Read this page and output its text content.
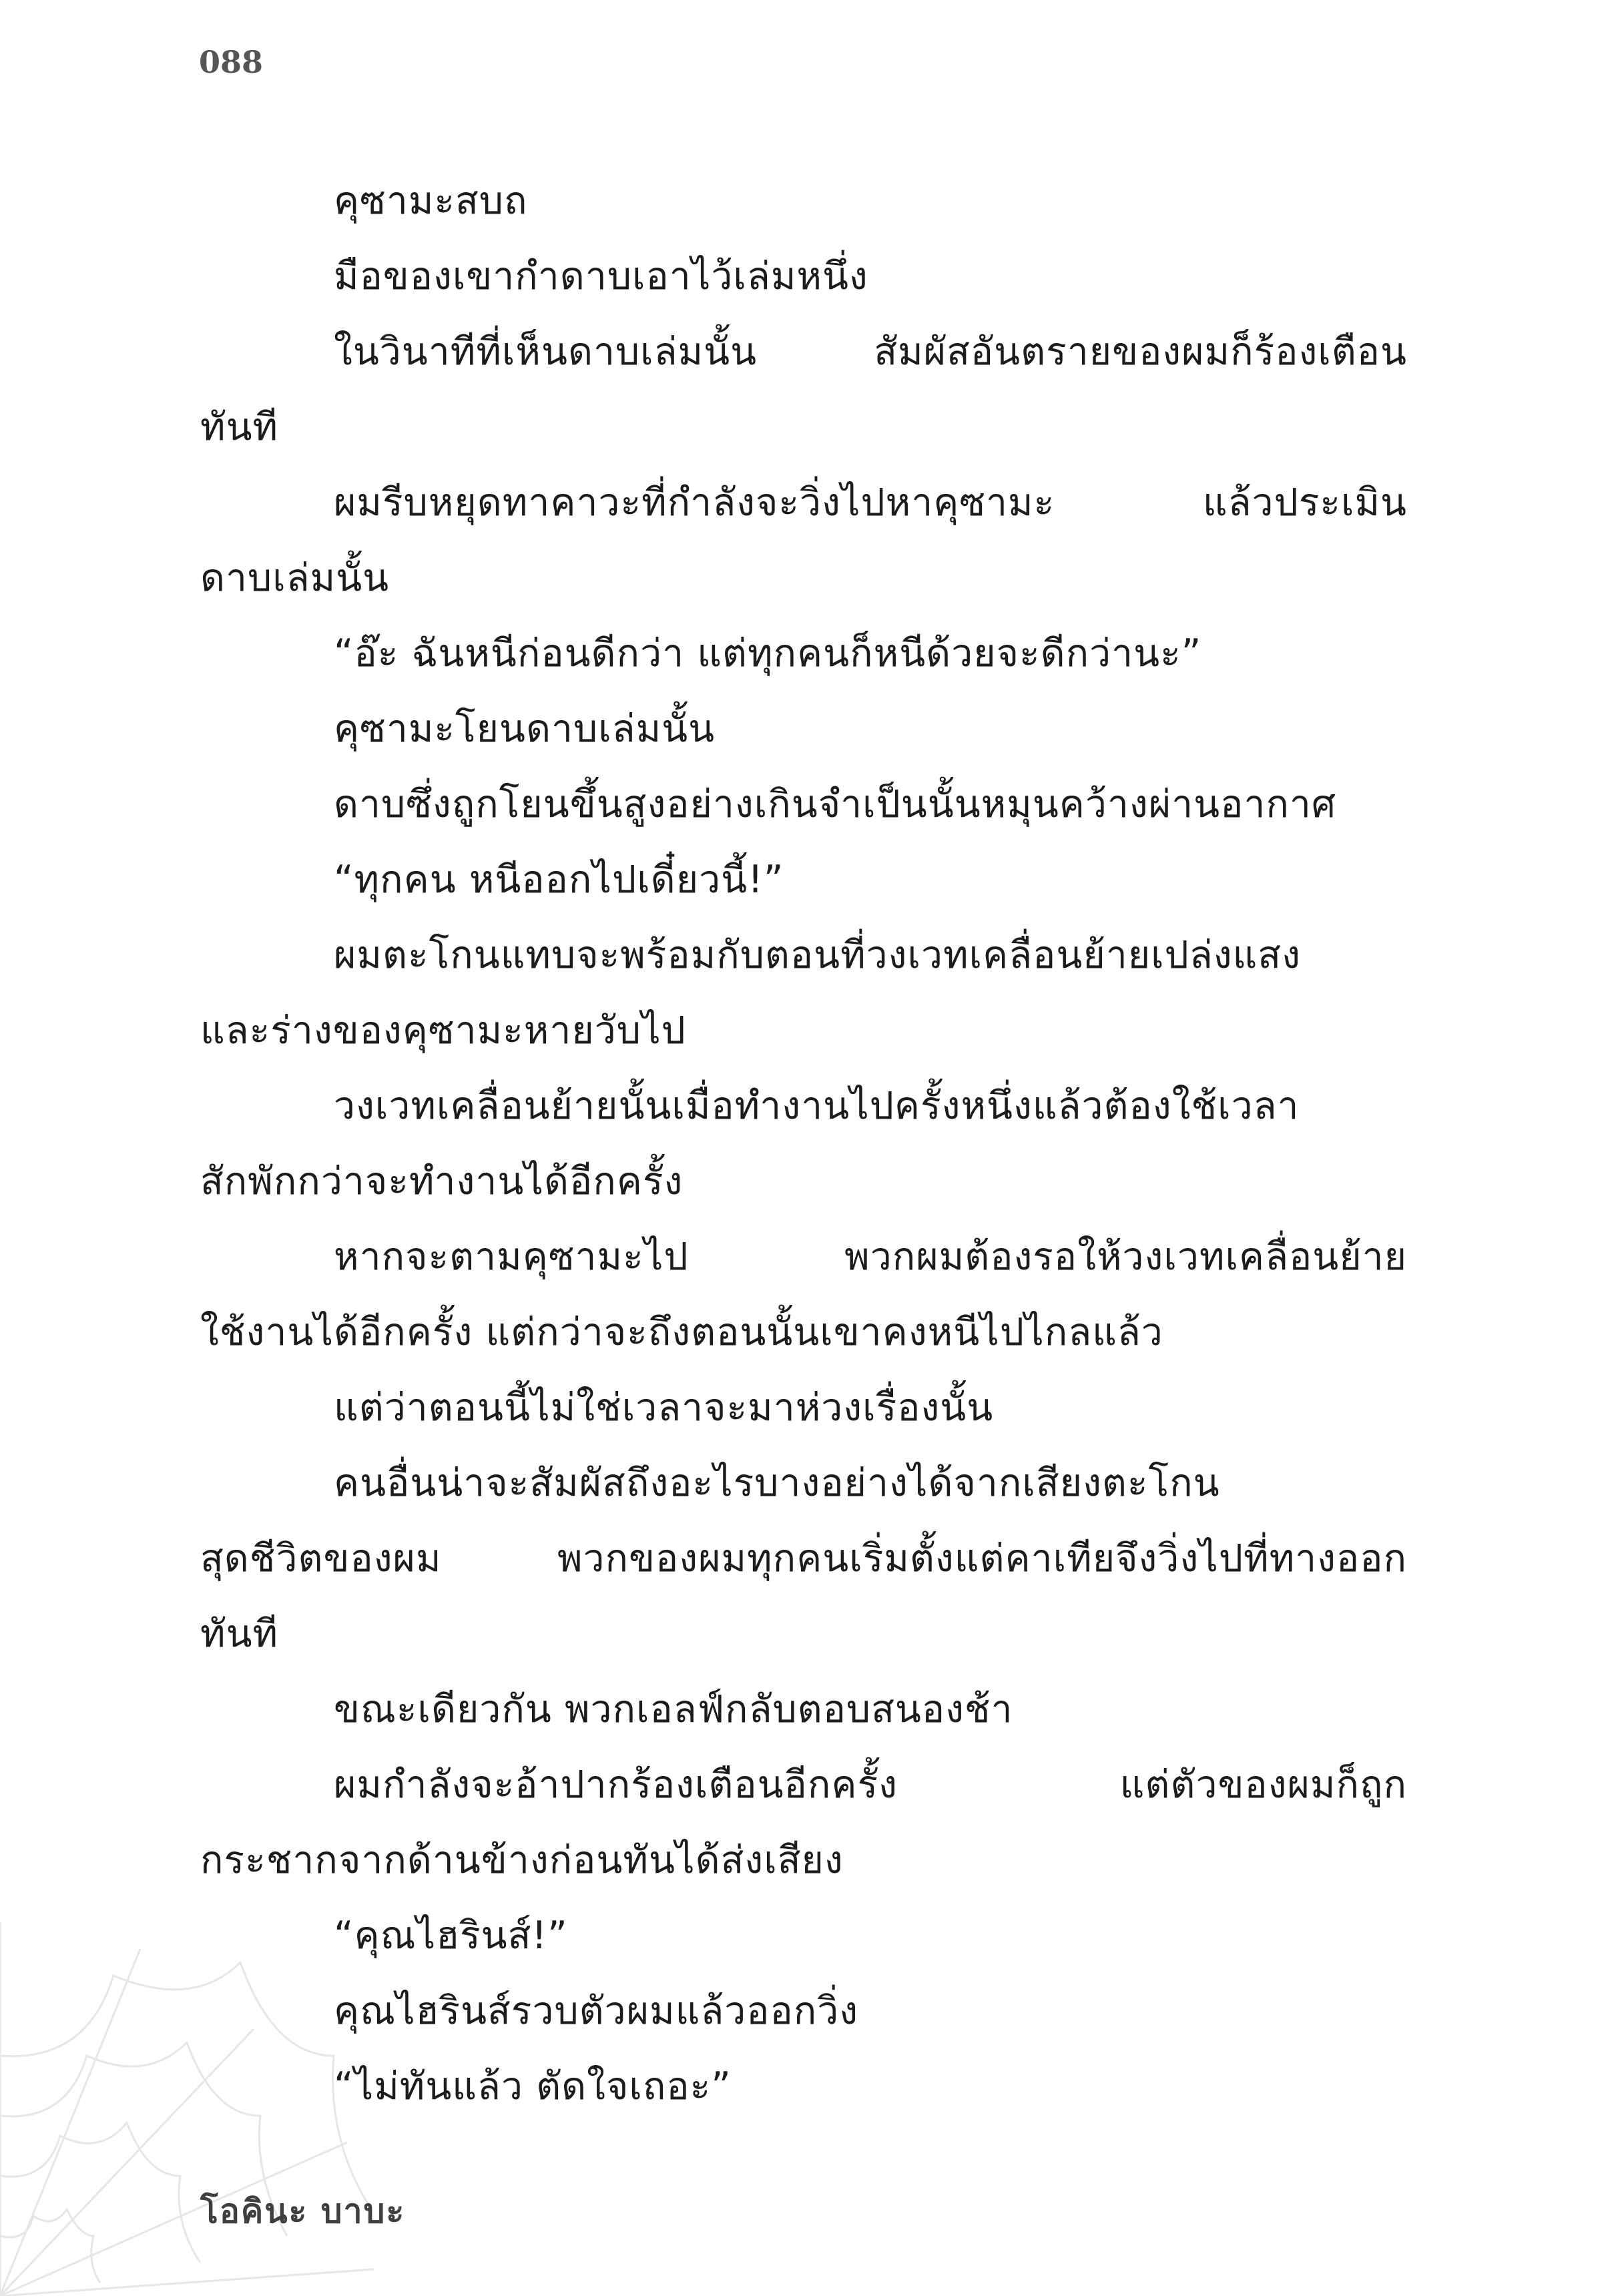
088
คุซามะสบถ
มือของเขากำดาบเอาไว้เล่มหนึ่ง
ในวินาทีที่เห็นดาบเล่มนั้น สัมผัสอันตรายของผมก็ร้องเตือน
ทันที
ผมรีบหยุดทาคาวะที่กำลังจะวิ่งไปหาคุซามะ แล้วประเมิน
ดาบเล่มนั้น
“อ๊ะ ฉันหนีก่อนดีกว่า แต่ทุกคนก็หนีด้วยจะดีกว่านะ”
คุซามะโยนดาบเล่มนั้น
ดาบซึ่งถูกโยนขึ้นสูงอย่างเกินจำเป็นนั้นหมุนคว้างผ่านอากาศ
“ทุกคน หนีออกไปเดี๋ยวนี้!”
ผมตะโกนแทบจะพร้อมกับตอนที่วงเวทเคลื่อนย้ายเปล่งแสง
และร่างของคุซามะหายวับไป
วงเวทเคลื่อนย้ายนั้นเมื่อทำงานไปครั้งหนึ่งแล้วต้องใช้เวลา
สักพักกว่าจะทำงานได้อีกครั้ง
หากจะตามคุซามะไป พวกผมต้องรอให้วงเวทเคลื่อนย้าย
ใช้งานได้อีกครั้ง แต่กว่าจะถึงตอนนั้นเขาคงหนีไปไกลแล้ว
แต่ว่าตอนนี้ไม่ใช่เวลาจะมาห่วงเรื่องนั้น
คนอื่นน่าจะสัมผัสถึงอะไรบางอย่างได้จากเสียงตะโกน
สุดชีวิตของผม พวกของผมทุกคนเริ่มตั้งแต่คาเทียจึงวิ่งไปที่ทางออก
ทันที
ขณะเดียวกัน พวกเอลฟ์กลับตอบสนองช้า
ผมกำลังจะอ้าปากร้องเตือนอีกครั้ง แต่ตัวของผมก็ถูก
กระชากจากด้านข้างก่อนทันได้ส่งเสียง
“คุณไฮรินส์!”
คุณไฮรินส์รวบตัวผมแล้วออกวิ่ง
“ไม่ทันแล้ว ตัดใจเถอะ”
โอคินะ บาบะ
